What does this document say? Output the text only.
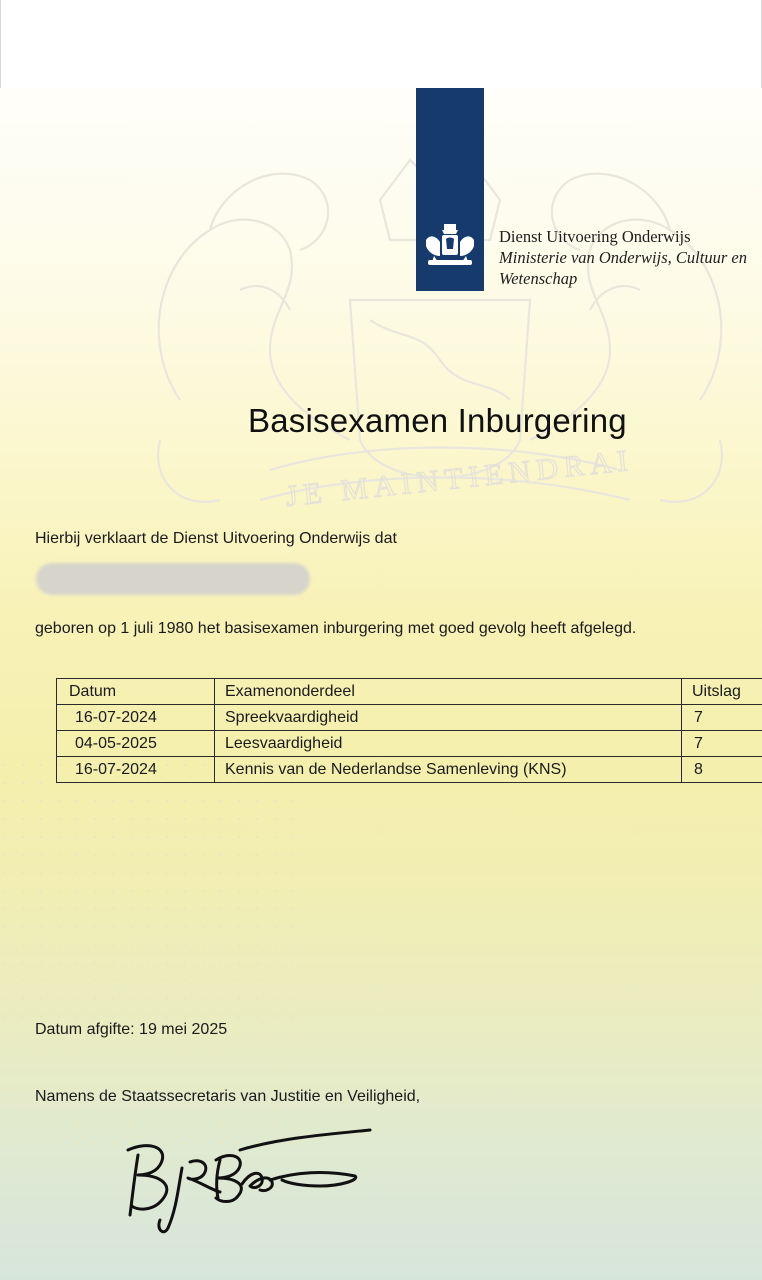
JE MAINTIENDRAI
Dienst Uitvoering Onderwijs
Ministerie van Onderwijs, Cultuur en
Wetenschap
Basisexamen Inburgering
Hierbij verklaart de Dienst Uitvoering Onderwijs dat
geboren op 1 juli 1980 het basisexamen inburgering met goed gevolg heeft afgelegd.
Datum	Examenonderdeel	Uitslag
16-07-2024	Spreekvaardigheid	7
04-05-2025	Leesvaardigheid	7
16-07-2024	Kennis van de Nederlandse Samenleving (KNS)	8
Datum afgifte: 19 mei 2025
Namens de Staatssecretaris van Justitie en Veiligheid,
